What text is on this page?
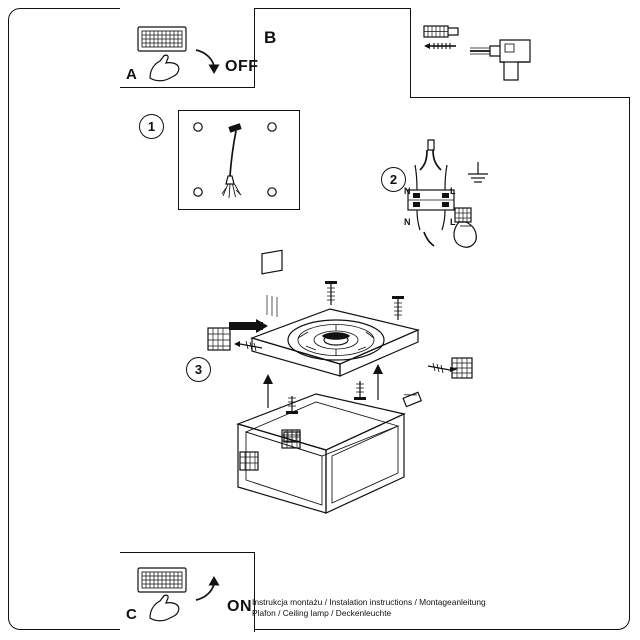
A	OFF
B
1
2
N	L
N	L
3
C	ON Instrukcja montażu / Instalation instructions / Montageanleitung
Plafon / Ceiling lamp / Deckenleuchte
